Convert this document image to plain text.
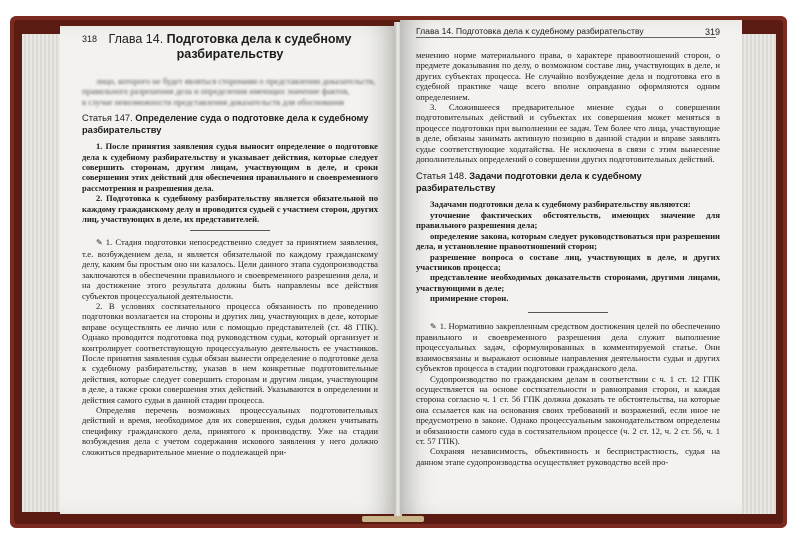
318 Глава 14. Подготовка дела к судебному разбирательству

лицо, которого не будет являться сторонами о представлении доказательств,

правильного разрешения дела и определения имеющих значение фактов,

в случае невозможности представления доказательств для обоснования

Статья 147. Определение суда о подготовке дела к судебному разбирательству

1. После принятия заявления судья выносит определение о подготовке дела к судебному разбирательству и указывает действия, которые следует совершить сторонам, другим лицам, участвующим в деле, и сроки совершения этих действий для обеспечения правильного и своевременного рассмотрения и разрешения дела.

2. Подготовка к судебному разбирательству является обязательной по каждому гражданскому делу и проводится судьей с участием сторон, других лиц, участвующих в деле, их представителей.

✎ 1. Стадия подготовки непосредственно следует за принятием заявления, т.е. возбуждением дела, и является обязательной по каждому гражданскому делу, каким бы простым оно ни казалось. Цели данного этапа судопроизводства заключаются в обеспечении правильного и своевременного разрешения дела, и на достижение этого результата должны быть направлены все действия субъектов процессуальной деятельности.

2. В условиях состязательного процесса обязанность по проведению подготовки возлагается на стороны и других лиц, участвующих в деле, которые вправе осуществлять ее лично или с помощью представителей (ст. 48 ГПК). Однако проводится подготовка под руководством судьи, который организует и контролирует соответствующую процессуальную деятельность ее участников. После принятия заявления судья обязан вынести определение о подготовке дела к судебному разбирательству, указав в нем конкретные подготовительные действия, которые следует совершить сторонам и другим лицам, участвующим в деле, а также сроки совершения этих действий. Указываются в определении и действия самого судьи в данной стадии процесса.

Определяя перечень возможных процессуальных подготовительных действий и время, необходимое для их совершения, судья должен учитывать специфику гражданского дела, принятого к производству. Уже на стадии возбуждения дела с учетом содержания искового заявления у него должно сложиться предварительное мнение о подлежащей при-

Глава 14. Подготовка дела к судебному разбирательству	319

менению норме материального права, о характере правоотношений сторон, о предмете доказывания по делу, о возможном составе лиц, участвующих в деле, и других субъектах процесса. Не случайно возбуждение дела и подготовка его в судебной практике чаще всего вполне оправданно оформляются одним определением.

3. Сложившееся предварительное мнение судьи о совершении подготовительных действий и субъектах их совершения может меняться в процессе подготовки при выполнении ее задач. Тем более что лица, участвующие в деле, обязаны занимать активную позицию в данной стадии и вправе заявлять судье соответствующие ходатайства. Не исключена в связи с этим вынесение дополнительных определений о совершении других подготовительных действий.

Статья 148. Задачи подготовки дела к судебному разбирательству

Задачами подготовки дела к судебному разбирательству являются:

уточнение фактических обстоятельств, имеющих значение для правильного разрешения дела;

определение закона, которым следует руководствоваться при разрешении дела, и установление правоотношений сторон;

разрешение вопроса о составе лиц, участвующих в деле, и других участников процесса;

представление необходимых доказательств сторонами, другими лицами, участвующими в деле;

примирение сторон.

✎ 1. Нормативно закрепленным средством достижения целей по обеспечению правильного и своевременного разрешения дела служит выполнение процессуальных задач, сформулированных в комментируемой статье. Они взаимосвязаны и выражают основные направления деятельности судьи и других субъектов процесса в стадии подготовки гражданского дела.

Судопроизводство по гражданским делам в соответствии с ч. 1 ст. 12 ГПК осуществляется на основе состязательности и равноправия сторон, и каждая сторона согласно ч. 1 ст. 56 ГПК должна доказать те обстоятельства, на которые она ссылается как на основания своих требований и возражений, если иное не предусмотрено в законе. Однако процессуальным законодательством определены и обязанности самого суда в состязательном процессе (ч. 2 ст. 12, ч. 2 ст. 56, ч. 1 ст. 57 ГПК).

Сохраняя независимость, объективность и беспристрастность, судья на данном этапе судопроизводства осуществляет руководство всей про-
